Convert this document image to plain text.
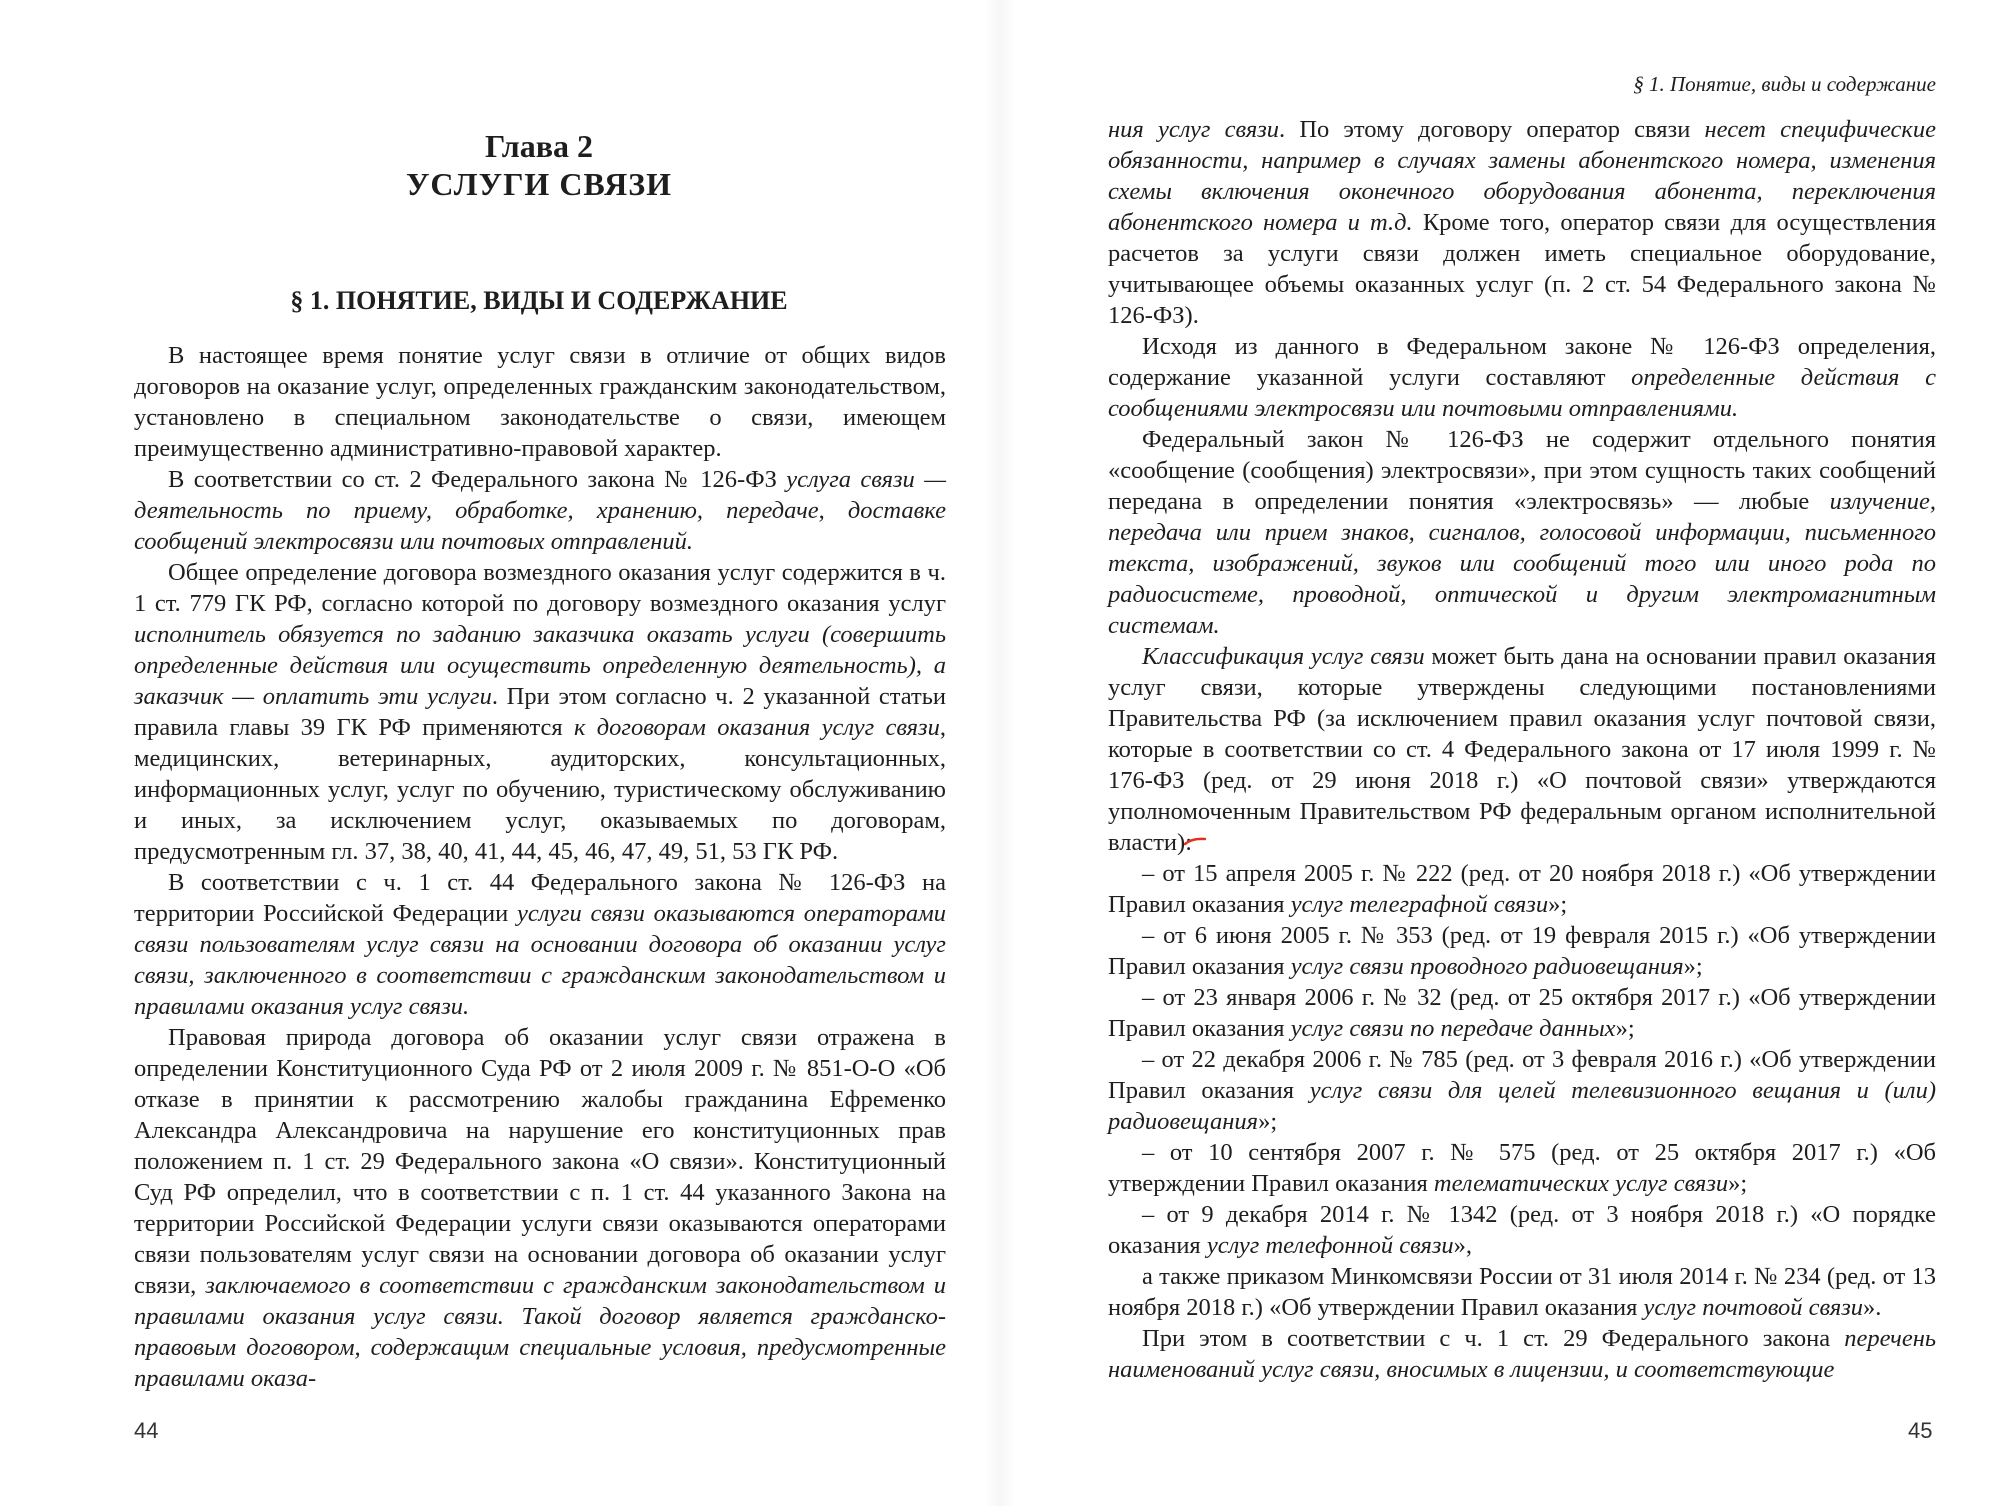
Глава 2
УСЛУГИ СВЯЗИ
§ 1. ПОНЯТИЕ, ВИДЫ И СОДЕРЖАНИЕ

В настоящее время понятие услуг связи в отличие от общих видов договоров на оказание услуг, определенных гражданским законодательством, установлено в специальном законодательстве о связи, имеющем преимущественно административно-правовой характер.

В соответствии со ст. 2 Федерального закона № 126-ФЗ услуга связи — деятельность по приему, обработке, хранению, передаче, доставке сообщений электросвязи или почтовых отправлений.

Общее определение договора возмездного оказания услуг содержится в ч. 1 ст. 779 ГК РФ, согласно которой по договору возмездного оказания услуг исполнитель обязуется по заданию заказчика оказать услуги (совершить определенные действия или осуществить определенную деятельность), а заказчик — оплатить эти услуги. При этом согласно ч. 2 указанной статьи правила главы 39 ГК РФ применяются к договорам оказания услуг связи, медицинских, ветеринарных, аудиторских, консультационных, информационных услуг, услуг по обучению, туристическому обслуживанию и иных, за исключением услуг, оказываемых по договорам, предусмотренным гл. 37, 38, 40, 41, 44, 45, 46, 47, 49, 51, 53 ГК РФ.

В соответствии с ч. 1 ст. 44 Федерального закона № 126-ФЗ на территории Российской Федерации услуги связи оказываются операторами связи пользователям услуг связи на основании договора об оказании услуг связи, заключенного в соответствии с гражданским законодательством и правилами оказания услуг связи.

Правовая природа договора об оказании услуг связи отражена в определении Конституционного Суда РФ от 2 июля 2009 г. № 851-О-О «Об отказе в принятии к рассмотрению жалобы гражданина Ефременко Александра Александровича на нарушение его конституционных прав положением п. 1 ст. 29 Федерального закона «О связи». Конституционный Суд РФ определил, что в соответствии с п. 1 ст. 44 указанного Закона на территории Российской Федерации услуги связи оказываются операторами связи пользователям услуг связи на основании договора об оказании услуг связи, заключаемого в соответствии с гражданским законодательством и правилами оказания услуг связи. Такой договор является гражданско-правовым договором, содержащим специальные условия, предусмотренные правилами оказа-

44
§ 1. Понятие, виды и содержание

ния услуг связи. По этому договору оператор связи несет специфические обязанности, например в случаях замены абонентского номера, изменения схемы включения оконечного оборудования абонента, переключения абонентского номера и т.д. Кроме того, оператор связи для осуществления расчетов за услуги связи должен иметь специальное оборудование, учитывающее объемы оказанных услуг (п. 2 ст. 54 Федерального закона № 126-ФЗ).

Исходя из данного в Федеральном законе № 126-ФЗ определения, содержание указанной услуги составляют определенные действия с сообщениями электросвязи или почтовыми отправлениями.

Федеральный закон № 126-ФЗ не содержит отдельного понятия «сообщение (сообщения) электросвязи», при этом сущность таких сообщений передана в определении понятия «электросвязь» — любые излучение, передача или прием знаков, сигналов, голосовой информации, письменного текста, изображений, звуков или сообщений того или иного рода по радиосистеме, проводной, оптической и другим электромагнитным системам.

Классификация услуг связи может быть дана на основании правил оказания услуг связи, которые утверждены следующими постановлениями Правительства РФ (за исключением правил оказания услуг почтовой связи, которые в соответствии со ст. 4 Федерального закона от 17 июля 1999 г. № 176-ФЗ (ред. от 29 июня 2018 г.) «О почтовой связи» утверждаются уполномоченным Правительством РФ федеральным органом исполнительной власти):

– от 15 апреля 2005 г. № 222 (ред. от 20 ноября 2018 г.) «Об утверждении Правил оказания услуг телеграфной связи»;

– от 6 июня 2005 г. № 353 (ред. от 19 февраля 2015 г.) «Об утверждении Правил оказания услуг связи проводного радиовещания»;

– от 23 января 2006 г. № 32 (ред. от 25 октября 2017 г.) «Об утверждении Правил оказания услуг связи по передаче данных»;

– от 22 декабря 2006 г. № 785 (ред. от 3 февраля 2016 г.) «Об утверждении Правил оказания услуг связи для целей телевизионного вещания и (или) радиовещания»;

– от 10 сентября 2007 г. № 575 (ред. от 25 октября 2017 г.) «Об утверждении Правил оказания телематических услуг связи»;

– от 9 декабря 2014 г. № 1342 (ред. от 3 ноября 2018 г.) «О порядке оказания услуг телефонной связи»,

а также приказом Минкомсвязи России от 31 июля 2014 г. № 234 (ред. от 13 ноября 2018 г.) «Об утверждении Правил оказания услуг почтовой связи».

При этом в соответствии с ч. 1 ст. 29 Федерального закона перечень наименований услуг связи, вносимых в лицензии, и соответствующие

45
